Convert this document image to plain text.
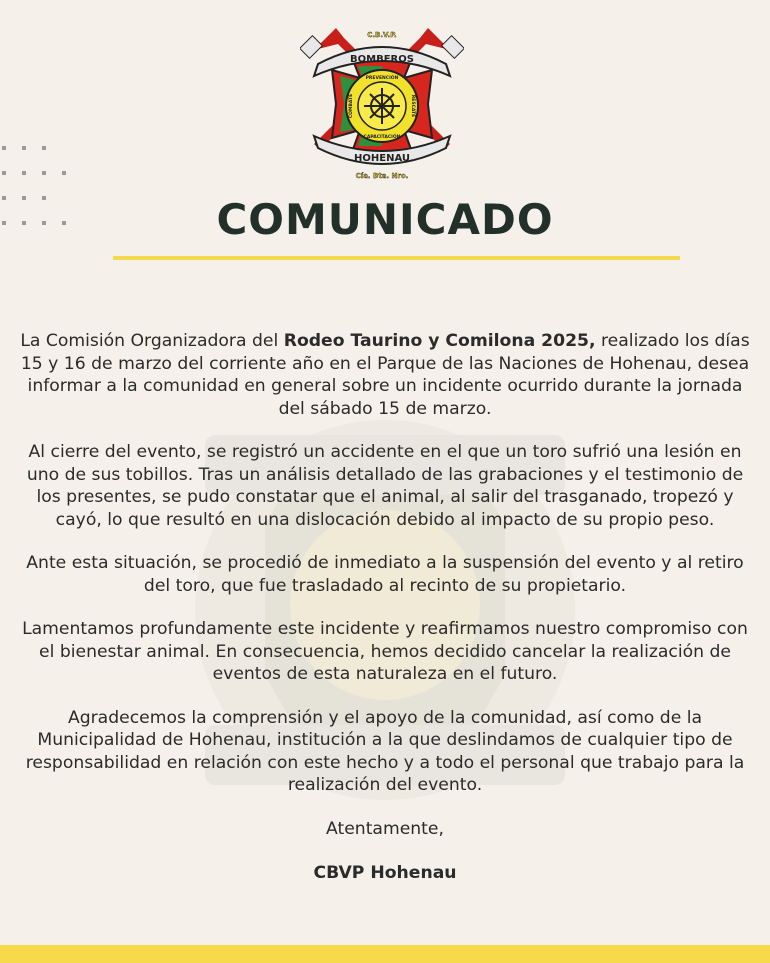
PREVENCIÓN
CAPACITACIÓN
COMBATE	RESCATE
BOMBEROS
C.B.V.P.
HOHENAU
Cía. Bta. Nro.
COMUNICADO

La Comisión Organizadora del Rodeo Taurino y Comilona 2025, realizado los días 15 y 16 de marzo del corriente año en el Parque de las Naciones de Hohenau, desea informar a la comunidad en general sobre un incidente ocurrido durante la jornada del sábado 15 de marzo.

Al cierre del evento, se registró un accidente en el que un toro sufrió una lesión en uno de sus tobillos. Tras un análisis detallado de las grabaciones y el testimonio de los presentes, se pudo constatar que el animal, al salir del trasganado, tropezó y cayó, lo que resultó en una dislocación debido al impacto de su propio peso.

Ante esta situación, se procedió de inmediato a la suspensión del evento y al retiro del toro, que fue trasladado al recinto de su propietario.

Lamentamos profundamente este incidente y reafirmamos nuestro compromiso con el bienestar animal. En consecuencia, hemos decidido cancelar la realización de eventos de esta naturaleza en el futuro.

Agradecemos la comprensión y el apoyo de la comunidad, así como de la Municipalidad de Hohenau, institución a la que deslindamos de cualquier tipo de responsabilidad en relación con este hecho y a todo el personal que trabajo para la realización del evento.

Atentamente,

CBVP Hohenau
